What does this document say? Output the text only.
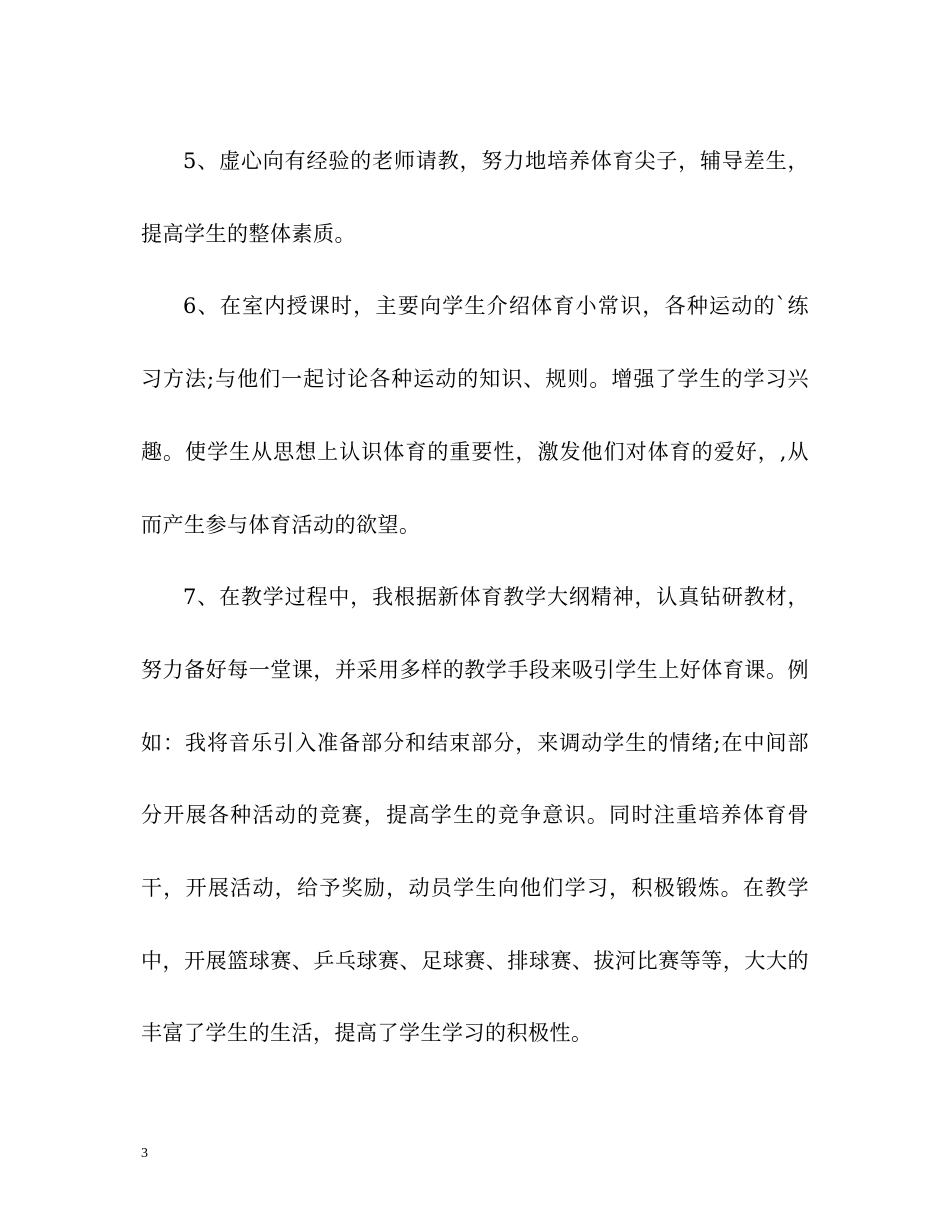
5、虚心向有经验的老师请教，努力地培养体育尖子，辅导差生，提高学生的整体素质。

6、在室内授课时，主要向学生介绍体育小常识，各种运动的`练习方法;与他们一起讨论各种运动的知识、规则。增强了学生的学习兴趣。使学生从思想上认识体育的重要性，激发他们对体育的爱好，,从而产生参与体育活动的欲望。

7、在教学过程中，我根据新体育教学大纲精神，认真钻研教材，努力备好每一堂课，并采用多样的教学手段来吸引学生上好体育课。例如：我将音乐引入准备部分和结束部分，来调动学生的情绪;在中间部分开展各种活动的竞赛，提高学生的竞争意识。同时注重培养体育骨干，开展活动，给予奖励，动员学生向他们学习，积极锻炼。在教学中，开展篮球赛、乒乓球赛、足球赛、排球赛、拔河比赛等等，大大的丰富了学生的生活，提高了学生学习的积极性。

3
